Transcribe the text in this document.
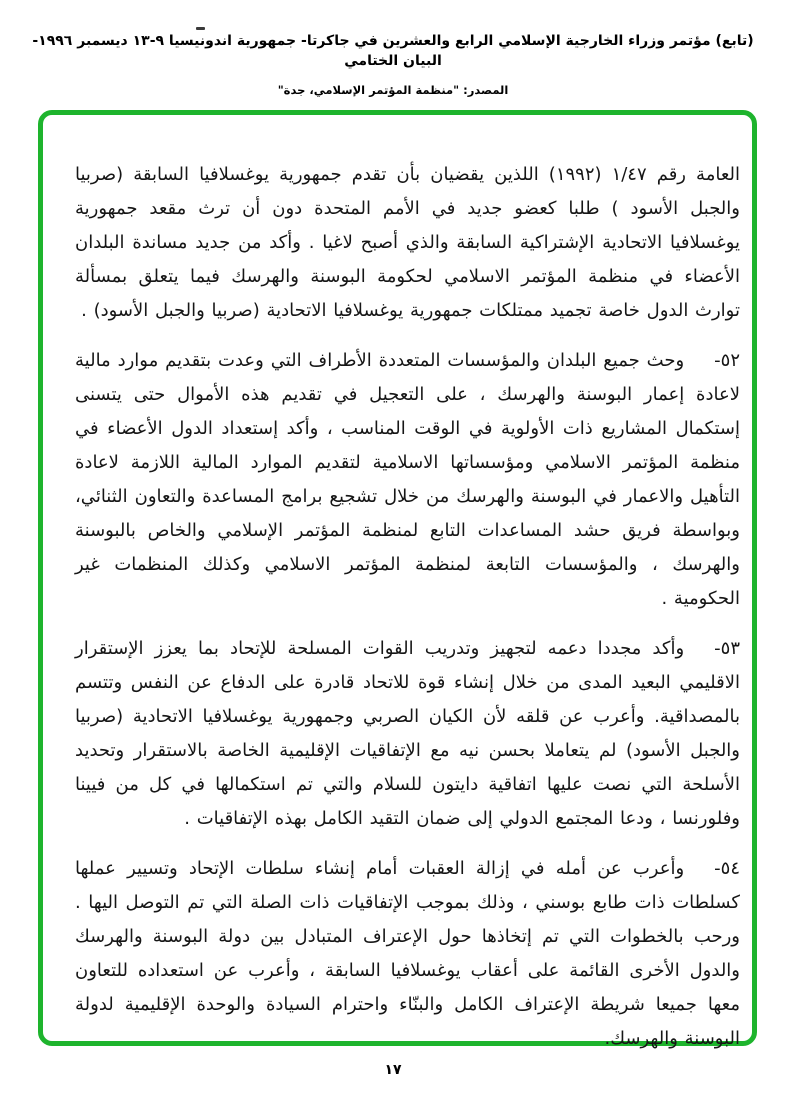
(تابع) مؤتمر وزراء الخارجية الإسلامي الرابع والعشرين في جاكرتا- جمهورية اندونيسيا ٩-١٣ ديسمبر ١٩٩٦-البيان الختامي
المصدر: "منظمة المؤتمر الإسلامي، جدة"

العامة رقم ١/٤٧ (١٩٩٢) اللذين يقضيان بأن تقدم جمهورية يوغسلافيا السابقة (صربيا والجبل الأسود ) طلبا كعضو جديد في الأمم المتحدة دون أن ترث مقعد جمهورية يوغسلافيا الاتحادية الإشتراكية السابقة والذي أصبح لاغيا . وأكد من جديد مساندة البلدان الأعضاء في منظمة المؤتمر الاسلامي لحكومة البوسنة والهرسك فيما يتعلق بمسألة توارث الدول خاصة تجميد ممتلكات جمهورية يوغسلافيا الاتحادية (صربيا والجبل الأسود) .

٥٢-وحث جميع البلدان والمؤسسات المتعددة الأطراف التي وعدت بتقديم موارد مالية لاعادة إعمار البوسنة والهرسك ، على التعجيل في تقديم هذه الأموال حتى يتسنى إستكمال المشاريع ذات الأولوية في الوقت المناسب ، وأكد إستعداد الدول الأعضاء في منظمة المؤتمر الاسلامي ومؤسساتها الاسلامية لتقديم الموارد المالية اللازمة لاعادة التأهيل والاعمار في البوسنة والهرسك من خلال تشجيع برامج المساعدة والتعاون الثنائي، وبواسطة فريق حشد المساعدات التابع لمنظمة المؤتمر الإسلامي والخاص بالبوسنة والهرسك ، والمؤسسات التابعة لمنظمة المؤتمر الاسلامي وكذلك المنظمات غير الحكومية .

٥٣-وأكد مجددا دعمه لتجهيز وتدريب القوات المسلحة للإتحاد بما يعزز الإستقرار الاقليمي البعيد المدى من خلال إنشاء قوة للاتحاد قادرة على الدفاع عن النفس وتتسم بالمصداقية. وأعرب عن قلقه لأن الكيان الصربي وجمهورية يوغسلافيا الاتحادية (صربيا والجبل الأسود) لم يتعاملا بحسن نيه مع الإتفاقيات الإقليمية الخاصة بالاستقرار وتحديد الأسلحة التي نصت عليها اتفاقية دايتون للسلام والتي تم استكمالها في كل من فيينا وفلورنسا ، ودعا المجتمع الدولي إلى ضمان التقيد الكامل بهذه الإتفاقيات .

٥٤-وأعرب عن أمله في إزالة العقبات أمام إنشاء سلطات الإتحاد وتسيير عملها كسلطات ذات طابع بوسني ، وذلك بموجب الإتفاقيات ذات الصلة التي تم التوصل اليها . ورحب بالخطوات التي تم إتخاذها حول الإعتراف المتبادل بين دولة البوسنة والهرسك والدول الأخرى القائمة على أعقاب يوغسلافيا السابقة ، وأعرب عن استعداده للتعاون معها جميعا شريطة الإعتراف الكامل والبنّاء واحترام السيادة والوحدة الإقليمية لدولة البوسنة والهرسك.

١٧
